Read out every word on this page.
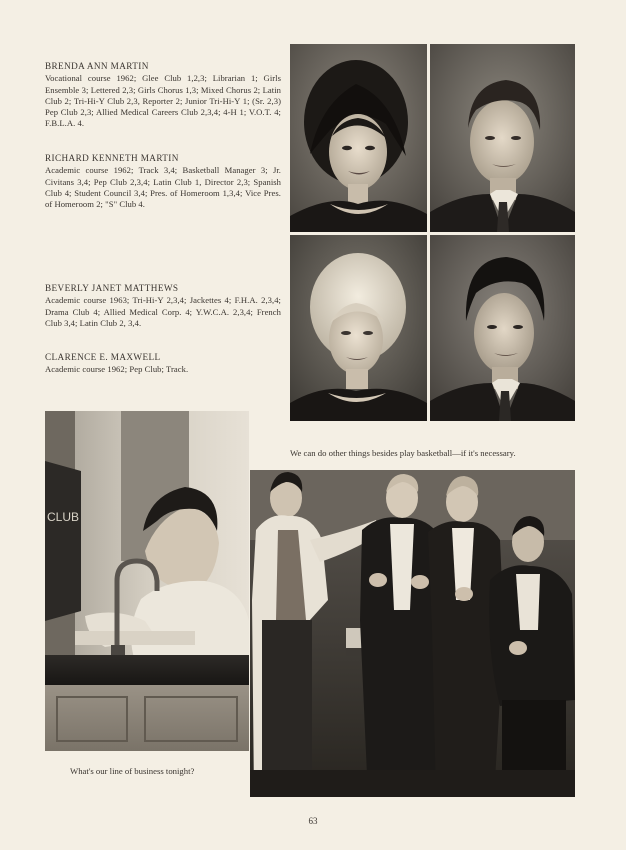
BRENDA ANN MARTIN
Vocational course 1962; Glee Club 1,2,3; Librarian 1; Girls Ensemble 3; Lettered 2,3; Girls Chorus 1,3; Mixed Chorus 2; Latin Club 2; Tri-Hi-Y Club 2,3, Reporter 2; Junior Tri-Hi-Y 1; (Sr. 2,3) Pep Club 2,3; Allied Medical Careers Club 2,3,4; 4-H 1; V.O.T. 4; F.B.L.A. 4.
RICHARD KENNETH MARTIN
Academic course 1962; Track 3,4; Basketball Manager 3; Jr. Civitans 3,4; Pep Club 2,3,4; Latin Club 1, Director 2,3; Spanish Club 4; Student Council 3,4; Pres. of Homeroom 1,3,4; Vice Pres. of Homeroom 2; "S" Club 4.
BEVERLY JANET MATTHEWS
Academic course 1963; Tri-Hi-Y 2,3,4; Jackettes 4; F.H.A. 2,3,4; Drama Club 4; Allied Medical Corp. 4; Y.W.C.A. 2,3,4; French Club 3,4; Latin Club 2, 3,4.
CLARENCE E. MAXWELL
Academic course 1962; Pep Club; Track.
We can do other things besides play basketball—if it's necessary.
CLUB
What's our line of business tonight?
63
